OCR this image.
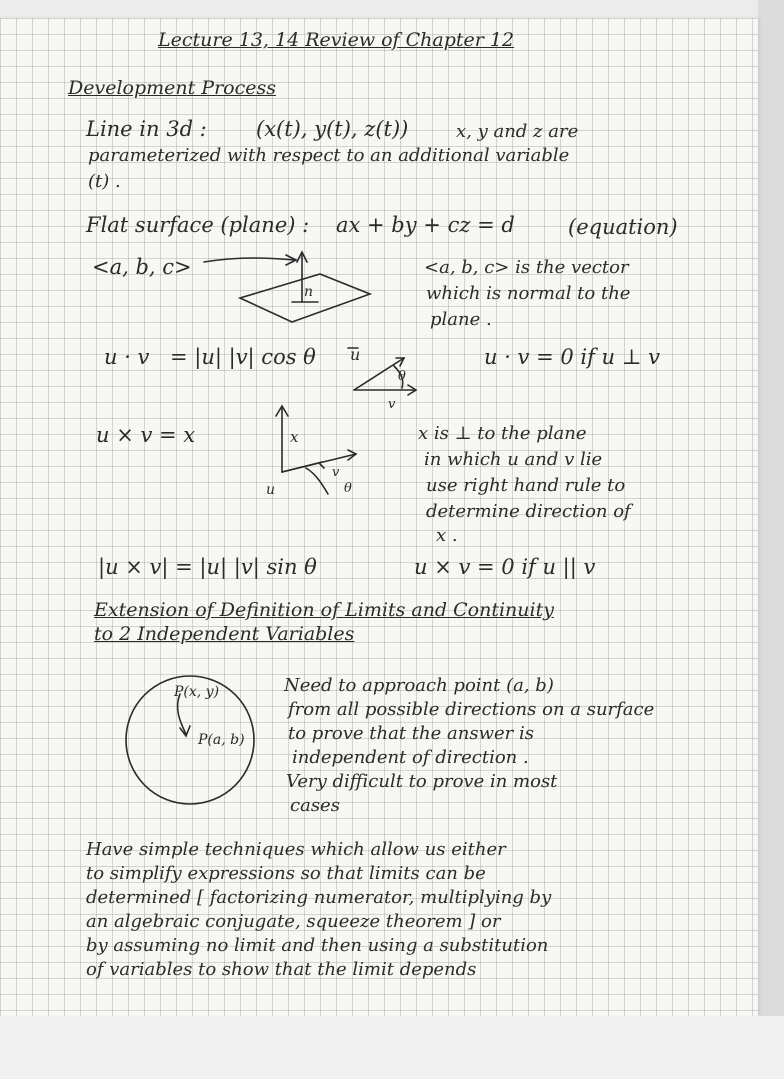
Lecture 13, 14 Review of Chapter 12
Development Process
Line in 3d : (x(t), y(t), z(t))	x, y and z are
parameterized with respect to an additional variable
(t) .
Flat surface (plane) : ax + by + cz = d	(equation)
<a, b, c>
n
<a, b, c> is the vector
which is normal to the
plane .
u · v = |u| |v| cos θ u
θ
v
u · v = 0 if u ⊥ v
u × v = x	x
u
v
θ
x is ⊥ to the plane
in which u and v lie
use right hand rule to
determine direction of
x .
|u × v| = |u| |v| sin θ	u × v = 0 if u || v
Extension of Definition of Limits and Continuity
to 2 Independent Variables
P(x, y)
P(a, b)
Need to approach point (a, b)
from all possible directions on a surface
to prove that the answer is
independent of direction .
Very difficult to prove in most
cases
Have simple techniques which allow us either
to simplify expressions so that limits can be
determined [ factorizing numerator, multiplying by
an algebraic conjugate, squeeze theorem ] or
by assuming no limit and then using a substitution
of variables to show that the limit depends
